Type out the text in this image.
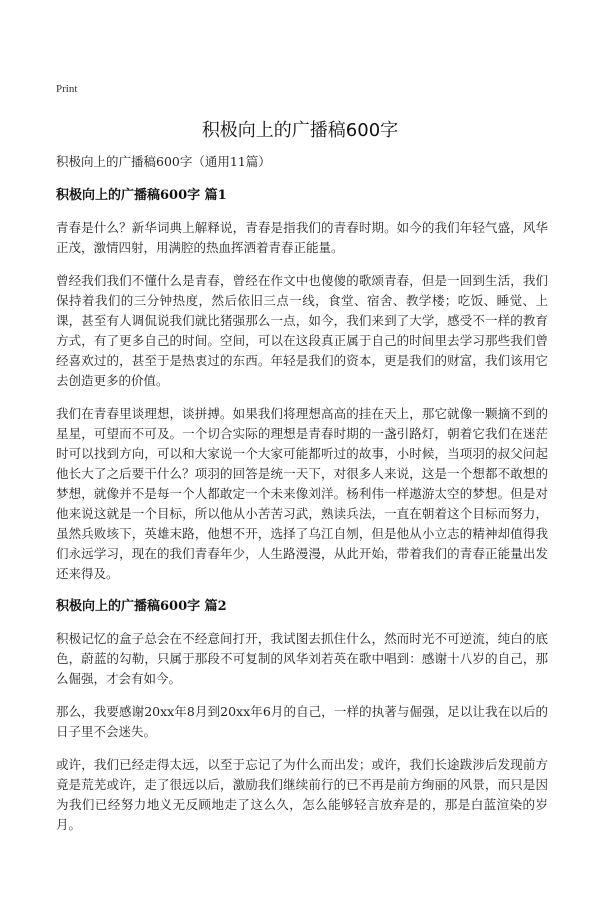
Print
积极向上的广播稿600字

积极向上的广播稿600字（通用11篇）

积极向上的广播稿600字 篇1

青春是什么？新华词典上解释说，青春是指我们的青春时期。如今的我们年轻气盛，风华正茂，激情四射，用满腔的热血挥洒着青春正能量。

曾经我们我们不懂什么是青春，曾经在作文中也傻傻的歌颂青春，但是一回到生活，我们保持着我们的三分钟热度，然后依旧三点一线，食堂、宿舍、教学楼；吃饭、睡觉、上课，甚至有人调侃说我们就比猪强那么一点，如今，我们来到了大学，感受不一样的教育方式，有了更多自己的时间。空间，可以在这段真正属于自己的时间里去学习那些我们曾经喜欢过的，甚至于是热衷过的东西。年轻是我们的资本，更是我们的财富，我们该用它去创造更多的价值。

我们在青春里谈理想，谈拼搏。如果我们将理想高高的挂在天上，那它就像一颗摘不到的星星，可望而不可及。一个切合实际的理想是青春时期的一盏引路灯，朝着它我们在迷茫时可以找到方向，可以和大家说一个大家可能都听过的故事，小时候，当项羽的叔父问起他长大了之后要干什么？项羽的回答是统一天下，对很多人来说，这是一个想都不敢想的梦想，就像并不是每一个人都敢定一个未来像刘洋。杨利伟一样遨游太空的梦想。但是对他来说这就是一个目标，所以他从小苦苦习武，熟读兵法，一直在朝着这个目标而努力，虽然兵败垓下，英雄末路，他想不开，选择了乌江自刎，但是他从小立志的精神却值得我们永远学习，现在的我们青春年少，人生路漫漫，从此开始，带着我们的青春正能量出发还来得及。

积极向上的广播稿600字 篇2

积极记忆的盒子总会在不经意间打开，我试图去抓住什么，然而时光不可逆流，纯白的底色，蔚蓝的勾勒，只属于那段不可复制的风华刘若英在歌中唱到：感谢十八岁的自己，那么倔强，才会有如今。

那么，我要感谢20xx年8月到20xx年6月的自己，一样的执著与倔强，足以让我在以后的日子里不会迷失。

或许，我们已经走得太远，以至于忘记了为什么而出发；或许，我们长途跋涉后发现前方竟是荒芜或许，走了很远以后，激励我们继续前行的已不再是前方绚丽的风景，而只是因为我们已经努力地义无反顾地走了这么久，怎么能够轻言放弃是的，那是白蓝渲染的岁月。
